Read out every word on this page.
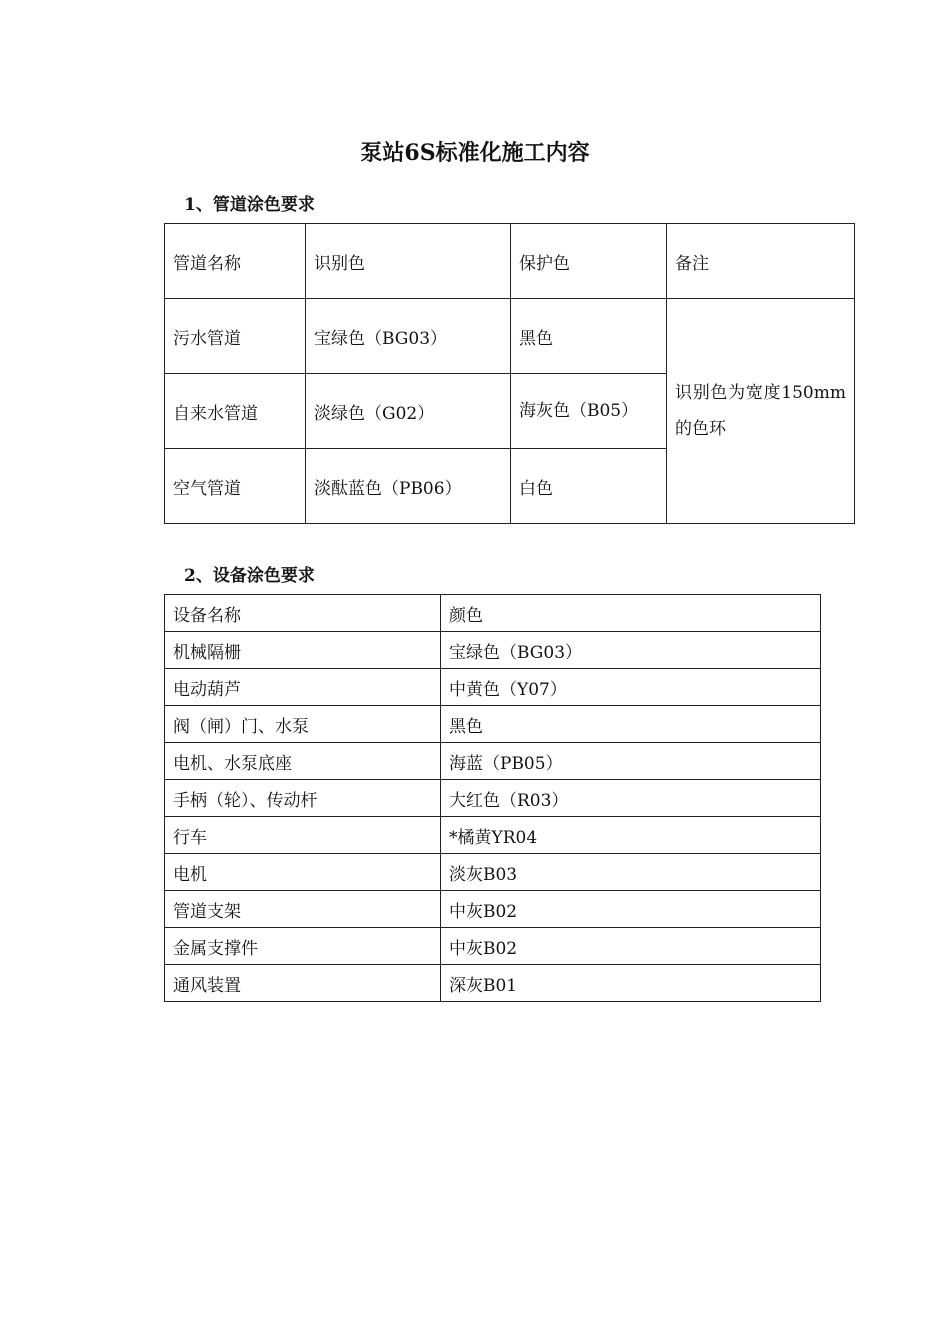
泵站6S标准化施工内容
1、管道涂色要求
管道名称	识别色	保护色	备注
污水管道	宝绿色（BG03）	黑色	识别色为宽度150mm的色环
自来水管道	淡绿色（G02）	海灰色（B05）	
空气管道	淡酞蓝色（PB06）	白色	
2、设备涂色要求
设备名称	颜色
机械隔栅	宝绿色（BG03）
电动葫芦	中黄色（Y07）
阀（闸）门、水泵	黑色
电机、水泵底座	海蓝（PB05）
手柄（轮）、传动杆	大红色（R03）
行车	*橘黄YR04
电机	淡灰B03
管道支架	中灰B02
金属支撑件	中灰B02
通风装置	深灰B01
